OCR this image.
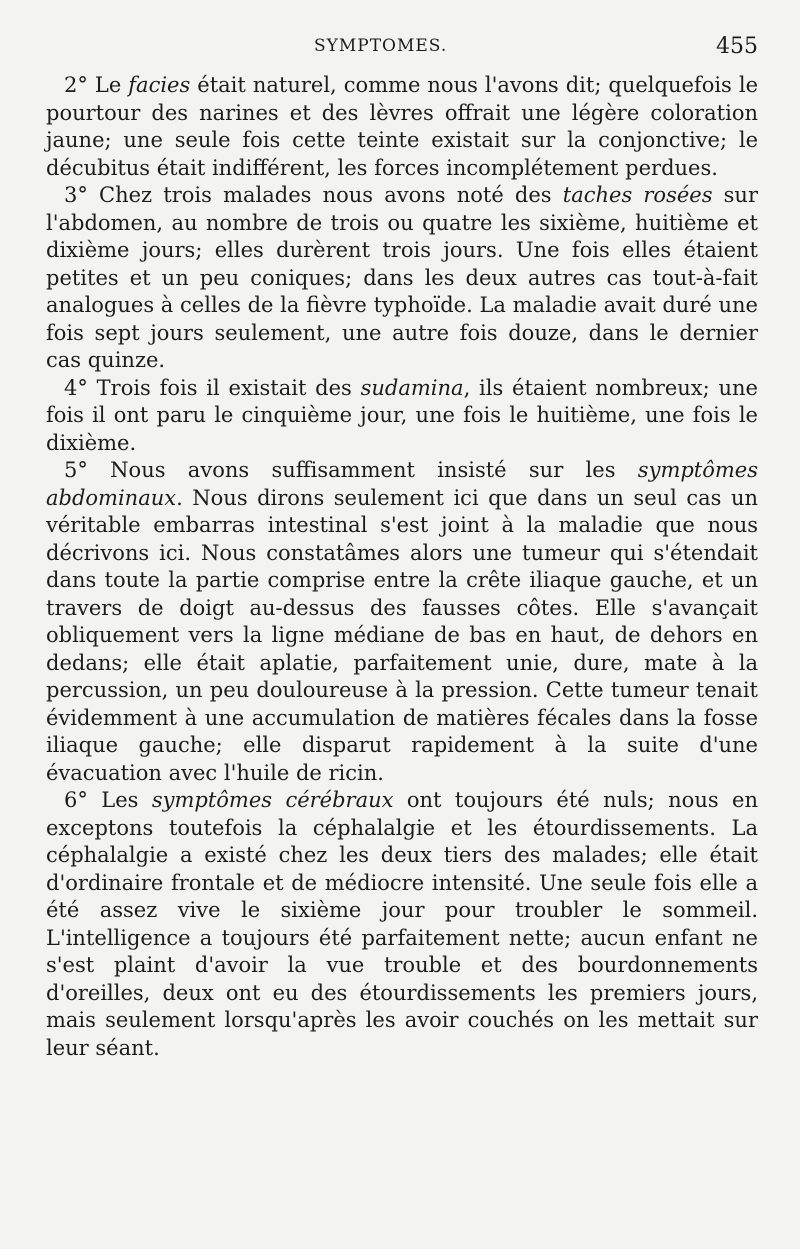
SYMPTOMES.	455

2° Le facies était naturel, comme nous l'avons dit; quelquefois le pourtour des narines et des lèvres offrait une légère coloration jaune; une seule fois cette teinte existait sur la conjonctive; le décubitus était indifférent, les forces incomplétement perdues.

3° Chez trois malades nous avons noté des taches rosées sur l'abdomen, au nombre de trois ou quatre les sixième, huitième et dixième jours; elles durèrent trois jours. Une fois elles étaient petites et un peu coniques; dans les deux autres cas tout-à-fait analogues à celles de la fièvre typhoïde. La maladie avait duré une fois sept jours seulement, une autre fois douze, dans le dernier cas quinze.

4° Trois fois il existait des sudamina, ils étaient nombreux; une fois il ont paru le cinquième jour, une fois le huitième, une fois le dixième.

5° Nous avons suffisamment insisté sur les symptômes abdominaux. Nous dirons seulement ici que dans un seul cas un véritable embarras intestinal s'est joint à la maladie que nous décrivons ici. Nous constatâmes alors une tumeur qui s'étendait dans toute la partie comprise entre la crête iliaque gauche, et un travers de doigt au-dessus des fausses côtes. Elle s'avançait obliquement vers la ligne médiane de bas en haut, de dehors en dedans; elle était aplatie, parfaitement unie, dure, mate à la percussion, un peu douloureuse à la pression. Cette tumeur tenait évidemment à une accumulation de matières fécales dans la fosse iliaque gauche; elle disparut rapidement à la suite d'une évacuation avec l'huile de ricin.

6° Les symptômes cérébraux ont toujours été nuls; nous en exceptons toutefois la céphalalgie et les étourdissements. La céphalalgie a existé chez les deux tiers des malades; elle était d'ordinaire frontale et de médiocre intensité. Une seule fois elle a été assez vive le sixième jour pour troubler le sommeil. L'intelligence a toujours été parfaitement nette; aucun enfant ne s'est plaint d'avoir la vue trouble et des bourdonnements d'oreilles, deux ont eu des étourdissements les premiers jours, mais seulement lorsqu'après les avoir couchés on les mettait sur leur séant.
